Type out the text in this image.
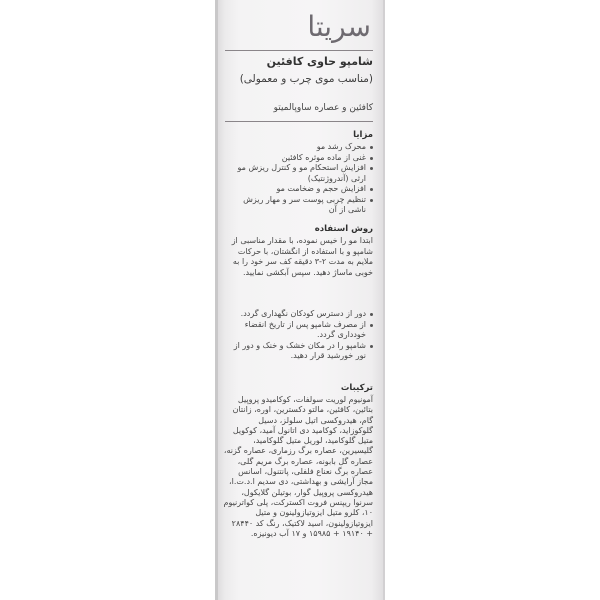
سریتا
شامپو حاوی کافئین
(مناسب موی چرب و معمولی)
کافئین و عصاره ساوپالمیتو
مزایا
محرک رشد مو
غنی از ماده موثره کافئین
افزایش استحکام مو و کنترل ریزش مو ارثی (آندروژنتیک)
افزایش حجم و ضخامت مو
تنظیم چربی پوست سر و مهار ریزش ناشی از آن
روش استفاده
ابتدا مو را خیس نموده، با مقدار مناسبی از شامپو و با استفاده از انگشتان، با حرکات ملایم به مدت ۲-۳ دقیقه کف سر خود را به خوبی ماساژ دهید. سپس آبکشی نمایید.
دور از دسترس کودکان نگهداری گردد.
از مصرف شامپو پس از تاریخ انقضاء خودداری گردد.
شامپو را در مکان خشک و خنک و دور از نور خورشید قرار دهید.
ترکیبات
آمونیوم لوریت سولفات، کوکامیدو پروپیل بتائین، کافئین، مالتو دکسترین، اوره، زانتان گام، هیدروکسی اتیل سلولز، دسیل گلوکوزاید، کوکامید دی اتانول آمید، کوکویل متیل گلوکامید، لوریل متیل گلوکامید، گلیسیرین، عصاره برگ رزماری، عصاره گزنه، عصاره گل بابونه، عصاره برگ مریم گلی، عصاره برگ نعناع فلفلی، پانتنول، اسانس مجاز آرایشی و بهداشتی، دی سدیم ا.د.ت.ا، هیدروکسی پروپیل گوار، بوتیلن گلایکول، سرنوا ریپنس فروت اکسترکت، پلی کواترنیوم ۱۰، کلرو متیل ایزوتیازولینون و متیل ایزوتیازولینون، اسید لاکتیک، رنگ کد ۲۸۴۴۰ + ۱۹۱۴۰ + ۱۵۹۸۵ و ۱۷ آب دیونیزه.
